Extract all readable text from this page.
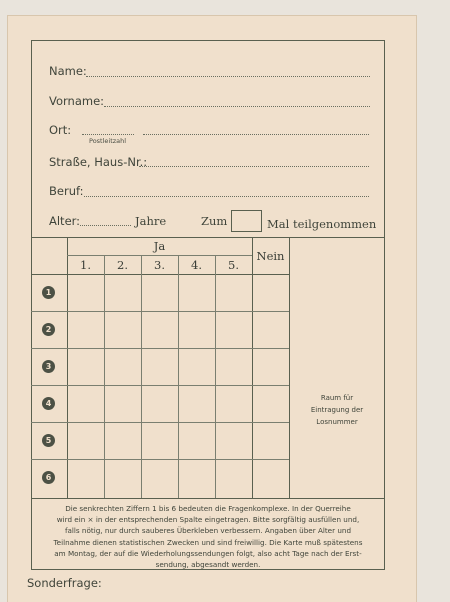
Name:
Vorname:
Ort:
Postleitzahl
Straße, Haus-Nr.:
Beruf:
Alter:	Jahre	Zum	Mal teilgenommen
Ja
Nein
1.	2.	3.	4.	5.
1
2
3
4
5
6
Raum für
Eintragung der
Losnummer
Die senkrechten Ziffern 1 bis 6 bedeuten die Fragenkomplexe. In der Querreihe
wird ein × in der entsprechenden Spalte eingetragen. Bitte sorgfältig ausfüllen und,
falls nötig, nur durch sauberes Überkleben verbessern. Angaben über Alter und
Teilnahme dienen statistischen Zwecken und sind freiwillig. Die Karte muß spätestens
am Montag, der auf die Wiederholungssendungen folgt, also acht Tage nach der Erst-
sendung, abgesandt werden.
Sonderfrage:
